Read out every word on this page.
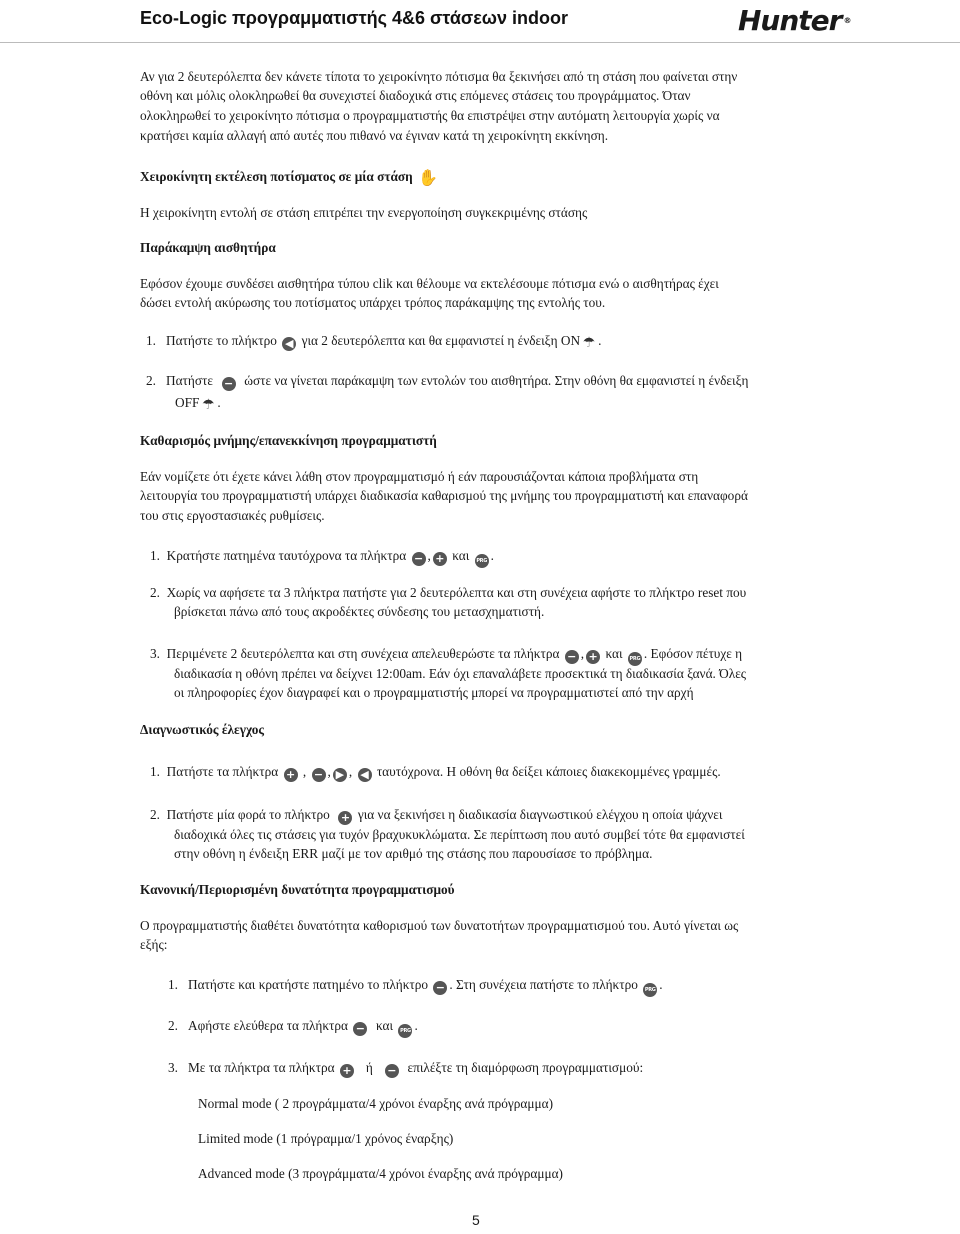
Eco-Logic προγραμματιστής 4&6 στάσεων indoor	Hunter ®
Αν για 2 δευτερόλεπτα δεν κάνετε τίποτα το χειροκίνητο πότισμα θα ξεκινήσει από τη στάση που φαίνεται στην
οθόνη και μόλις ολοκληρωθεί θα συνεχιστεί διαδοχικά στις επόμενες στάσεις του προγράμματος. Όταν
ολοκληρωθεί το χειροκίνητο πότισμα ο προγραμματιστής θα επιστρέψει στην αυτόματη λειτουργία χωρίς να
κρατήσει καμία αλλαγή από αυτές που πιθανό να έγιναν κατά τη χειροκίνητη εκκίνηση.
Χειροκίνητη εκτέλεση ποτίσματος σε μία στάση ✋
Η χειροκίνητη εντολή σε στάση επιτρέπει την ενεργοποίηση συγκεκριμένης στάσης
Παράκαμψη αισθητήρα
Εφόσον έχουμε συνδέσει αισθητήρα τύπου clik και θέλουμε να εκτελέσουμε πότισμα ενώ ο αισθητήρας έχει
δώσει εντολή ακύρωσης του ποτίσματος υπάρχει τρόπος παράκαμψης της εντολής του.
1. Πατήστε το πλήκτρο ◀ για 2 δευτερόλεπτα και θα εμφανιστεί η ένδειξη ON ☂ .
2. Πατήστε − ώστε να γίνεται παράκαμψη των εντολών του αισθητήρα. Στην οθόνη θα εμφανιστεί η ένδειξη
OFF ☂ .
Καθαρισμός μνήμης/επανεκκίνηση προγραμματιστή
Εάν νομίζετε ότι έχετε κάνει λάθη στον προγραμματισμό ή εάν παρουσιάζονται κάποια προβλήματα στη
λειτουργία του προγραμματιστή υπάρχει διαδικασία καθαρισμού της μνήμης του προγραμματιστή και επαναφορά
του στις εργοστασιακές ρυθμίσεις.
1. Κρατήστε πατημένα ταυτόχρονα τα πλήκτρα − , + και PRG .
2. Χωρίς να αφήσετε τα 3 πλήκτρα πατήστε για 2 δευτερόλεπτα και στη συνέχεια αφήστε το πλήκτρο reset που
βρίσκεται πάνω από τους ακροδέκτες σύνδεσης του μετασχηματιστή.
3. Περιμένετε 2 δευτερόλεπτα και στη συνέχεια απελευθερώστε τα πλήκτρα − , + και PRG . Εφόσον πέτυχε η
διαδικασία η οθόνη πρέπει να δείχνει 12:00am. Εάν όχι επαναλάβετε προσεκτικά τη διαδικασία ξανά. Όλες
οι πληροφορίες έχον διαγραφεί και ο προγραμματιστής μπορεί να προγραμματιστεί από την αρχή
Διαγνωστικός έλεγχος
1. Πατήστε τα πλήκτρα + , − , ▶ , ◀ ταυτόχρονα. Η οθόνη θα δείξει κάποιες διακεκομμένες γραμμές.
2. Πατήστε μία φορά το πλήκτρο + για να ξεκινήσει η διαδικασία διαγνωστικού ελέγχου η οποία ψάχνει
διαδοχικά όλες τις στάσεις για τυχόν βραχυκυκλώματα. Σε περίπτωση που αυτό συμβεί τότε θα εμφανιστεί
στην οθόνη η ένδειξη ERR μαζί με τον αριθμό της στάσης που παρουσίασε το πρόβλημα.
Κανονική/Περιορισμένη δυνατότητα προγραμματισμού
Ο προγραμματιστής διαθέτει δυνατότητα καθορισμού των δυνατοτήτων προγραμματισμού του. Αυτό γίνεται ως
εξής:
1. Πατήστε και κρατήστε πατημένο το πλήκτρο − . Στη συνέχεια πατήστε το πλήκτρο PRG .
2. Αφήστε ελεύθερα τα πλήκτρα − και PRG .
3. Με τα πλήκτρα τα πλήκτρα + ή − επιλέξτε τη διαμόρφωση προγραμματισμού:
Normal mode ( 2 προγράμματα/4 χρόνοι έναρξης ανά πρόγραμμα)
Limited mode (1 πρόγραμμα/1 χρόνος έναρξης)
Advanced mode (3 προγράμματα/4 χρόνοι έναρξης ανά πρόγραμμα)
5
